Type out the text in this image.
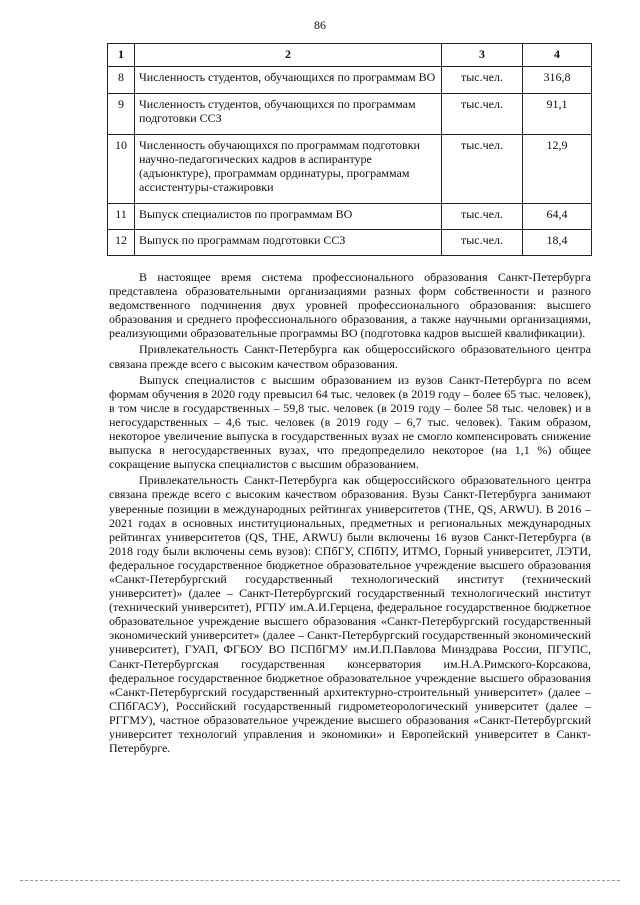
86
1	2	3	4
8	Численность студентов, обучающихся по программам ВО	тыс.чел.	316,8
9	Численность студентов, обучающихся по программам подготовки ССЗ	тыс.чел.	91,1
10	Численность обучающихся по программам подготовки научно-педагогических кадров в аспирантуре (адъюнктуре), программам ординатуры, программам ассистентуры-стажировки	тыс.чел.	12,9
11	Выпуск специалистов по программам ВО	тыс.чел.	64,4
12	Выпуск по программам подготовки ССЗ	тыс.чел.	18,4

В настоящее время система профессионального образования Санкт-Петербурга представлена образовательными организациями разных форм собственности и разного ведомственного подчинения двух уровней профессионального образования: высшего образования и среднего профессионального образования, а также научными организациями, реализующими образовательные программы ВО (подготовка кадров высшей квалификации).

Привлекательность Санкт-Петербурга как общероссийского образовательного центра связана прежде всего с высоким качеством образования.

Выпуск специалистов с высшим образованием из вузов Санкт-Петербурга по всем формам обучения в 2020 году превысил 64 тыс. человек (в 2019 году – более 65 тыс. человек), в том числе в государственных – 59,8 тыс. человек (в 2019 году – более 58 тыс. человек) и в негосударственных – 4,6 тыс. человек (в 2019 году – 6,7 тыс. человек). Таким образом, некоторое увеличение выпуска в государственных вузах не смогло компенсировать снижение выпуска в негосударственных вузах, что предопределило некоторое (на 1,1 %) общее сокращение выпуска специалистов с высшим образованием.

Привлекательность Санкт-Петербурга как общероссийского образовательного центра связана прежде всего с высоким качеством образования. Вузы Санкт-Петербурга занимают уверенные позиции в международных рейтингах университетов (THE, QS, ARWU). В 2016 – 2021 годах в основных институциональных, предметных и региональных международных рейтингах университетов (QS, THE, ARWU) были включены 16 вузов Санкт-Петербурга (в 2018 году были включены семь вузов): СПбГУ, СПбПУ, ИТМО, Горный университет, ЛЭТИ, федеральное государственное бюджетное образовательное учреждение высшего образования «Санкт-Петербургский государственный технологический институт (технический университет)» (далее – Санкт-Петербургский государственный технологический институт (технический университет), РГПУ им.А.И.Герцена, федеральное государственное бюджетное образовательное учреждение высшего образования «Санкт-Петербургский государственный экономический университет» (далее – Санкт-Петербургский государственный экономический университет), ГУАП, ФГБОУ ВО ПСПбГМУ им.И.П.Павлова Минздрава России, ПГУПС, Санкт-Петербургская государственная консерватория им.Н.А.Римского-Корсакова, федеральное государственное бюджетное образовательное учреждение высшего образования «Санкт-Петербургский государственный архитектурно-строительный университет» (далее – СПбГАСУ), Российский государственный гидрометеорологический университет (далее – РГГМУ), частное образовательное учреждение высшего образования «Санкт-Петербургский университет технологий управления и экономики» и Европейский университет в Санкт-Петербурге.
